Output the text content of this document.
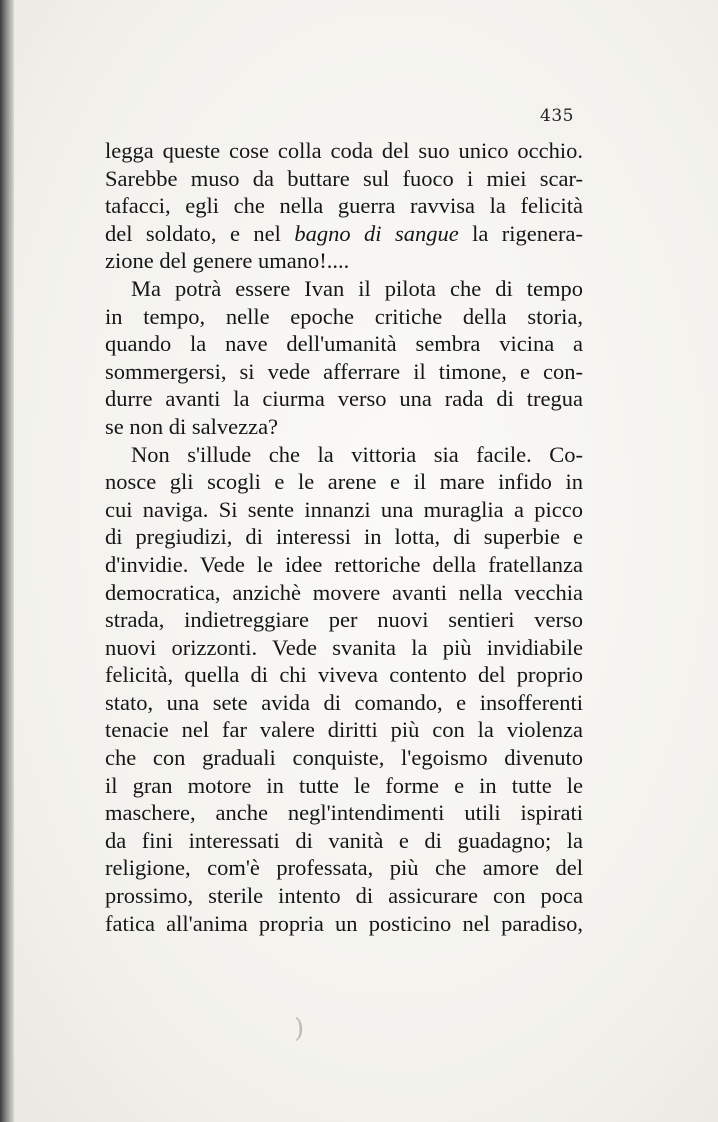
435
legga queste cose colla coda del suo unico occhio.
Sarebbe muso da buttare sul fuoco i miei scar-
tafacci, egli che nella guerra ravvisa la felicità
del soldato, e nel bagno di sangue la rigenera-
zione del genere umano!....
Ma potrà essere Ivan il pilota che di tempo
in tempo, nelle epoche critiche della storia,
quando la nave dell'umanità sembra vicina a
sommergersi, si vede afferrare il timone, e con-
durre avanti la ciurma verso una rada di tregua
se non di salvezza?
Non s'illude che la vittoria sia facile. Co-
nosce gli scogli e le arene e il mare infido in
cui naviga. Si sente innanzi una muraglia a picco
di pregiudizi, di interessi in lotta, di superbie e
d'invidie. Vede le idee rettoriche della fratellanza
democratica, anzichè movere avanti nella vecchia
strada, indietreggiare per nuovi sentieri verso
nuovi orizzonti. Vede svanita la più invidiabile
felicità, quella di chi viveva contento del proprio
stato, una sete avida di comando, e insofferenti
tenacie nel far valere diritti più con la violenza
che con graduali conquiste, l'egoismo divenuto
il gran motore in tutte le forme e in tutte le
maschere, anche negl'intendimenti utili ispirati
da fini interessati di vanità e di guadagno; la
religione, com'è professata, più che amore del
prossimo, sterile intento di assicurare con poca
fatica all'anima propria un posticino nel paradiso,
)
